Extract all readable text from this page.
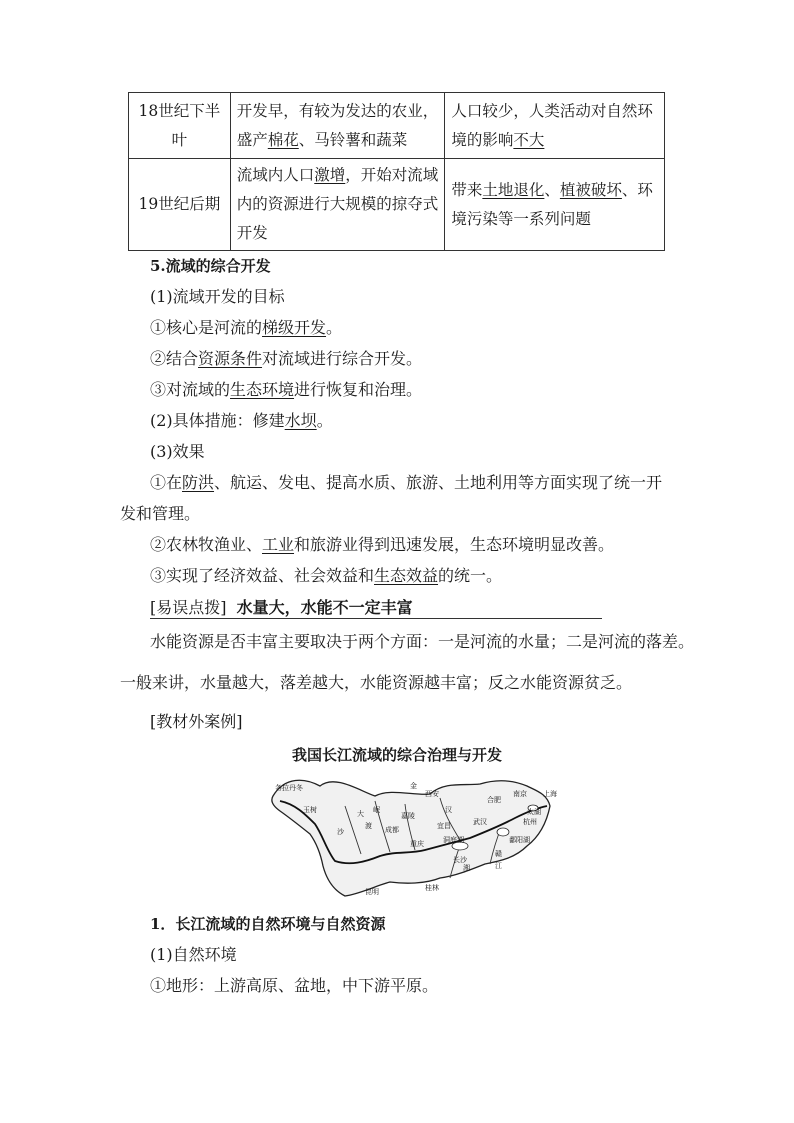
18世纪下半叶	开发早，有较为发达的农业，盛产棉花、马铃薯和蔬菜	人口较少，人类活动对自然环境的影响不大
19世纪后期	流域内人口激增，开始对流域内的资源进行大规模的掠夺式开发	带来土地退化、植被破坏、环境污染等一系列问题
5.流域的综合开发
(1)流域开发的目标
①核心是河流的梯级开发。
②结合资源条件对流域进行综合开发。
③对流域的生态环境进行恢复和治理。
(2)具体措施：修建水坝。
(3)效果
①在防洪、航运、发电、提高水质、旅游、土地利用等方面实现了统一开
发和管理。
②农林牧渔业、工业和旅游业得到迅速发展，生态环境明显改善。
③实现了经济效益、社会效益和生态效益的统一。
[易误点拨] 水量大，水能不一定丰富
水能资源是否丰富主要取决于两个方面：一是河流的水量；二是河流的落差。
一般来讲，水量越大，落差越大，水能资源越丰富；反之水能资源贫乏。
[教材外案例]
我国长江流域的综合治理与开发
各拉丹冬
玉树
金
沙
西安
大
渡 成都
重庆
宜昌	武汉
合肥
南京 上海
杭州
长沙
昆明	桂林
洞庭湖	鄱阳湖
赣
江
湘
岷
嘉陵
汉	太湖
1．长江流域的自然环境与自然资源
(1)自然环境
①地形：上游高原、盆地，中下游平原。
